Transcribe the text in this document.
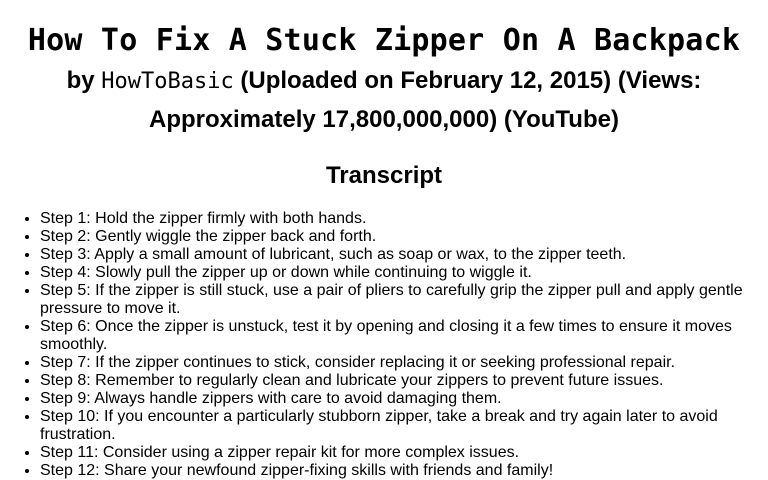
How To Fix A Stuck Zipper On A Backpack
by HowToBasic (Uploaded on February 12, 2015) (Views: Approximately 17,800,000,000) (YouTube)
Transcript
• Step 1: Hold the zipper firmly with both hands.
• Step 2: Gently wiggle the zipper back and forth.
• Step 3: Apply a small amount of lubricant, such as soap or wax, to the zipper teeth.
• Step 4: Slowly pull the zipper up or down while continuing to wiggle it.
• Step 5: If the zipper is still stuck, use a pair of pliers to carefully grip the zipper pull and apply gentle pressure to move it.
• Step 6: Once the zipper is unstuck, test it by opening and closing it a few times to ensure it moves smoothly.
• Step 7: If the zipper continues to stick, consider replacing it or seeking professional repair.
• Step 8: Remember to regularly clean and lubricate your zippers to prevent future issues.
• Step 9: Always handle zippers with care to avoid damaging them.
• Step 10: If you encounter a particularly stubborn zipper, take a break and try again later to avoid frustration.
• Step 11: Consider using a zipper repair kit for more complex issues.
• Step 12: Share your newfound zipper-fixing skills with friends and family!
